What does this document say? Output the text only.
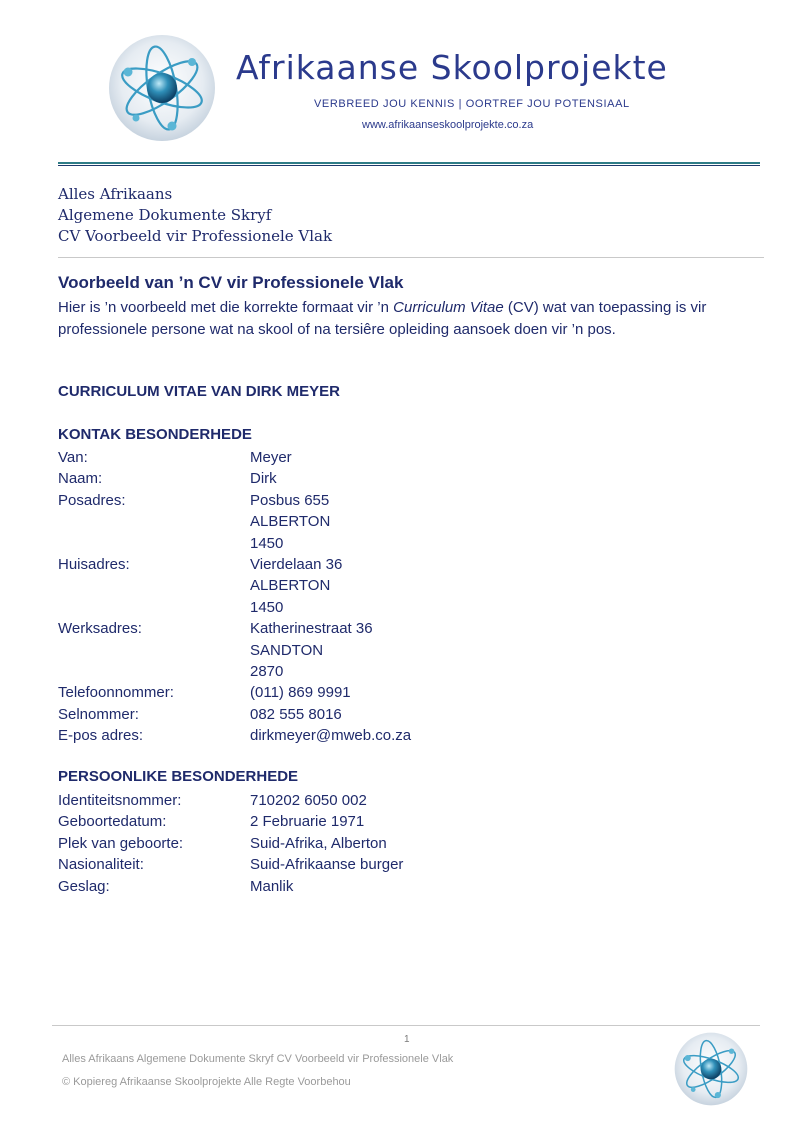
Afrikaanse Skoolprojekte
VERBREED JOU KENNIS | OORTREF JOU POTENSIAAL
www.afrikaanseskoolprojekte.co.za
Alles Afrikaans
Algemene Dokumente Skryf
CV Voorbeeld vir Professionele Vlak
Voorbeeld van ’n CV vir Professionele Vlak
Hier is ’n voorbeeld met die korrekte formaat vir ’n Curriculum Vitae (CV) wat van toepassing is vir professionele persone wat na skool of na tersiêre opleiding aansoek doen vir ’n pos.
CURRICULUM VITAE VAN DIRK MEYER
KONTAK BESONDERHEDE
Van:	Meyer
Naam:	Dirk
Posadres:	Posbus 655
ALBERTON
1450
Huisadres:	Vierdelaan 36
ALBERTON
1450
Werksadres:	Katherinestraat 36
SANDTON
2870
Telefoonnommer:	(011) 869 9991
Selnommer:	082 555 8016
E-pos adres:	dirkmeyer@mweb.co.za
PERSOONLIKE BESONDERHEDE
Identiteitsnommer:	710202 6050 002
Geboortedatum:	2 Februarie 1971
Plek van geboorte:	Suid-Afrika, Alberton
Nasionaliteit:	Suid-Afrikaanse burger
Geslag:	Manlik
1
Alles Afrikaans Algemene Dokumente Skryf CV Voorbeeld vir Professionele Vlak
© Kopiereg Afrikaanse Skoolprojekte Alle Regte Voorbehou
